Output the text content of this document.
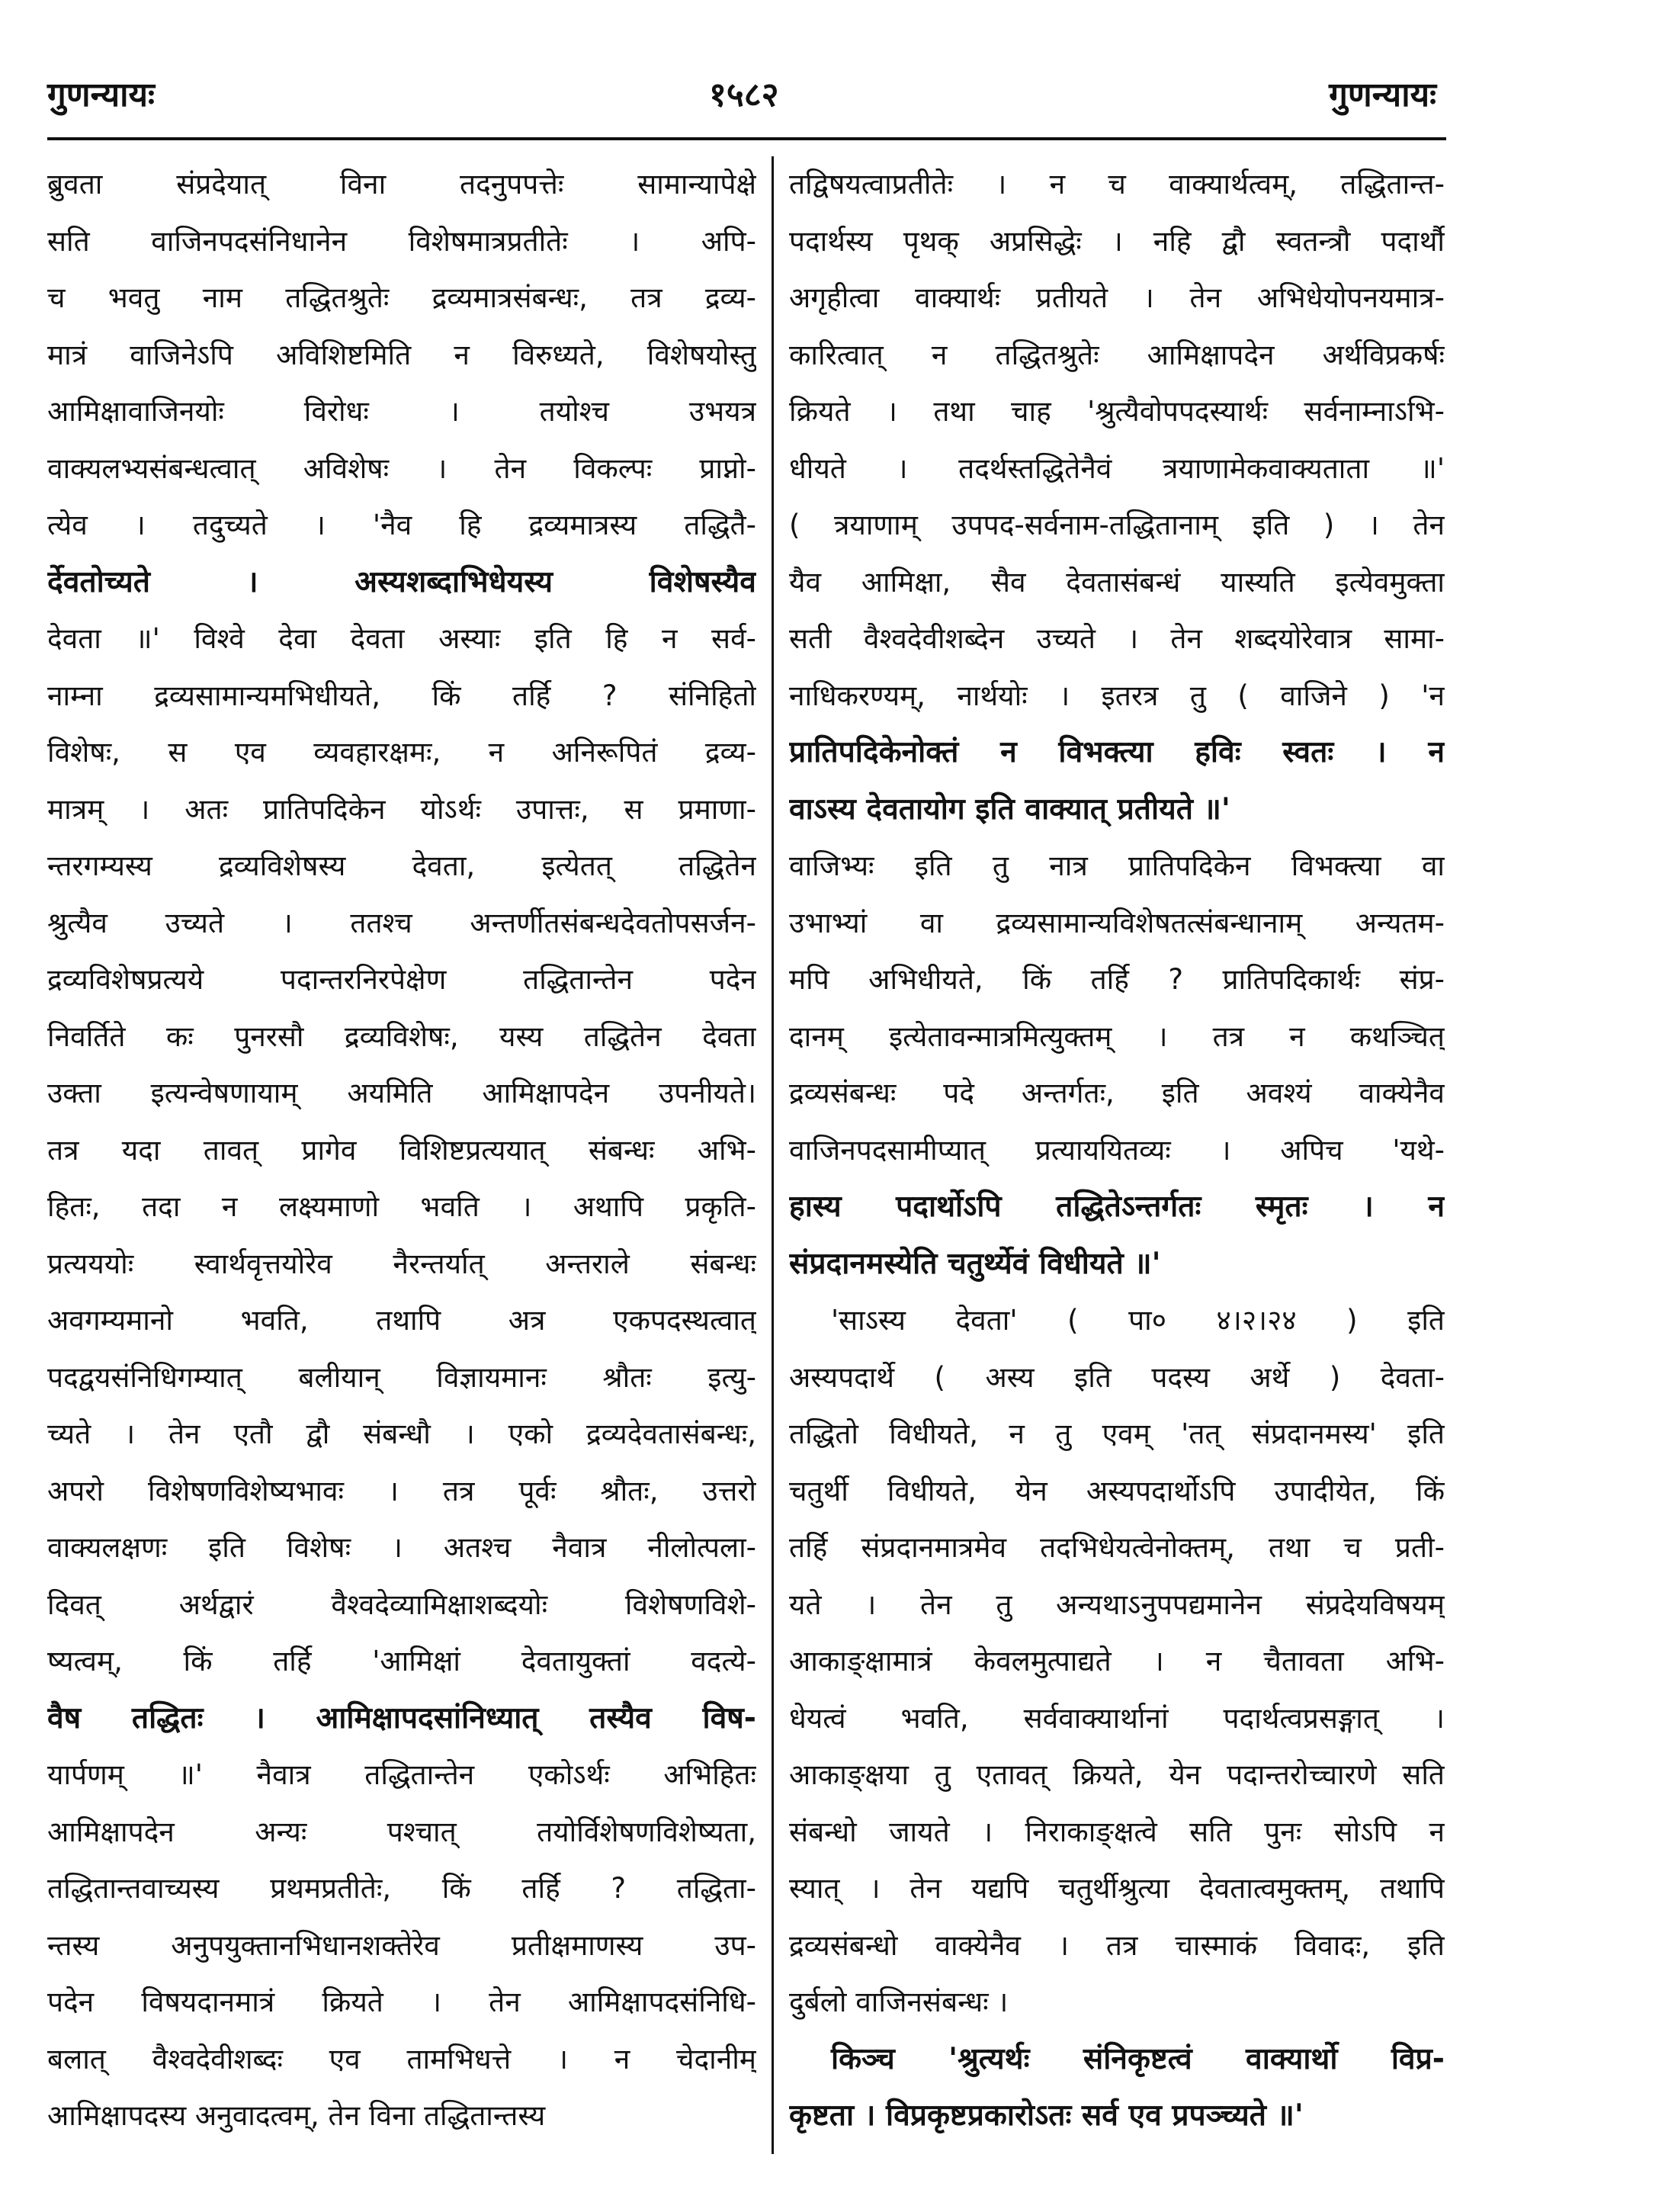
गुणन्यायः	१५८२	गुणन्यायः
ब्रुवता संप्रदेयात् विना तदनुपपत्तेः सामान्यापेक्षे
सति वाजिनपदसंनिधानेन विशेषमात्रप्रतीतेः । अपि-
च भवतु नाम तद्धितश्रुतेः द्रव्यमात्रसंबन्धः, तत्र द्रव्य-
मात्रं वाजिनेऽपि अविशिष्टमिति न विरुध्यते, विशेषयोस्तु
आमिक्षावाजिनयोः विरोधः । तयोश्च उभयत्र
वाक्यलभ्यसंबन्धत्वात् अविशेषः । तेन विकल्पः प्राप्नो-
त्येव । तदुच्यते । 'नैव हि द्रव्यमात्रस्य तद्धितै-
र्देवतोच्यते । अस्यशब्दाभिधेयस्य विशेषस्यैव
देवता ॥' विश्वे देवा देवता अस्याः इति हि न सर्व-
नाम्ना द्रव्यसामान्यमभिधीयते, किं तर्हि ? संनिहितो
विशेषः, स एव व्यवहारक्षमः, न अनिरूपितं द्रव्य-
मात्रम् । अतः प्रातिपदिकेन योऽर्थः उपात्तः, स प्रमाणा-
न्तरगम्यस्य द्रव्यविशेषस्य देवता, इत्येतत् तद्धितेन
श्रुत्यैव उच्यते । ततश्च अन्तर्णीतसंबन्धदेवतोपसर्जन-
द्रव्यविशेषप्रत्यये पदान्तरनिरपेक्षेण तद्धितान्तेन पदेन
निवर्तिते कः पुनरसौ द्रव्यविशेषः, यस्य तद्धितेन देवता
उक्ता इत्यन्वेषणायाम् अयमिति आमिक्षापदेन उपनीयते।
तत्र यदा तावत् प्रागेव विशिष्टप्रत्ययात् संबन्धः अभि-
हितः, तदा न लक्ष्यमाणो भवति । अथापि प्रकृति-
प्रत्यययोः स्वार्थवृत्तयोरेव नैरन्तर्यात् अन्तराले संबन्धः
अवगम्यमानो भवति, तथापि अत्र एकपदस्थत्वात्
पदद्वयसंनिधिगम्यात् बलीयान् विज्ञायमानः श्रौतः इत्यु-
च्यते । तेन एतौ द्वौ संबन्धौ । एको द्रव्यदेवतासंबन्धः,
अपरो विशेषणविशेष्यभावः । तत्र पूर्वः श्रौतः, उत्तरो
वाक्यलक्षणः इति विशेषः । अतश्च नैवात्र नीलोत्पला-
दिवत् अर्थद्वारं वैश्वदेव्यामिक्षाशब्दयोः विशेषणविशे-
ष्यत्वम्, किं तर्हि 'आमिक्षां देवतायुक्तां वदत्ये-
वैष तद्धितः । आमिक्षापदसांनिध्यात् तस्यैव विष-
यार्पणम् ॥' नैवात्र तद्धितान्तेन एकोऽर्थः अभिहितः
आमिक्षापदेन अन्यः पश्चात् तयोर्विशेषणविशेष्यता,
तद्धितान्तवाच्यस्य प्रथमप्रतीतेः, किं तर्हि ? तद्धिता-
न्तस्य अनुपयुक्तानभिधानशक्तेरेव प्रतीक्षमाणस्य उप-
पदेन विषयदानमात्रं क्रियते । तेन आमिक्षापदसंनिधि-
बलात् वैश्वदेवीशब्दः एव तामभिधत्ते । न चेदानीम्
आमिक्षापदस्य अनुवादत्वम्, तेन विना तद्धितान्तस्य
तद्विषयत्वाप्रतीतेः । न च वाक्यार्थत्वम्, तद्धितान्त-
पदार्थस्य पृथक् अप्रसिद्धेः । नहि द्वौ स्वतन्त्रौ पदार्थौ
अगृहीत्वा वाक्यार्थः प्रतीयते । तेन अभिधेयोपनयमात्र-
कारित्वात् न तद्धितश्रुतेः आमिक्षापदेन अर्थविप्रकर्षः
क्रियते । तथा चाह 'श्रुत्यैवोपपदस्यार्थः सर्वनाम्नाऽभि-
धीयते । तदर्थस्तद्धितेनैवं त्रयाणामेकवाक्यताता ॥'
( त्रयाणाम् उपपद-सर्वनाम-तद्धितानाम् इति ) । तेन
यैव आमिक्षा, सैव देवतासंबन्धं यास्यति इत्येवमुक्ता
सती वैश्वदेवीशब्देन उच्यते । तेन शब्दयोरेवात्र सामा-
नाधिकरण्यम्, नार्थयोः । इतरत्र तु ( वाजिने ) 'न
प्रातिपदिकेनोक्तं न विभक्त्या हविः स्वतः । न
वाऽस्य देवतायोग इति वाक्यात् प्रतीयते ॥'
वाजिभ्यः इति तु नात्र प्रातिपदिकेन विभक्त्या वा
उभाभ्यां वा द्रव्यसामान्यविशेषतत्संबन्धानाम् अन्यतम-
मपि अभिधीयते, किं तर्हि ? प्रातिपदिकार्थः संप्र-
दानम् इत्येतावन्मात्रमित्युक्तम् । तत्र न कथञ्चित्
द्रव्यसंबन्धः पदे अन्तर्गतः, इति अवश्यं वाक्येनैव
वाजिनपदसामीप्यात् प्रत्याययितव्यः । अपिच 'यथे-
हास्य पदार्थोऽपि तद्धितेऽन्तर्गतः स्मृतः । न
संप्रदानमस्येति चतुर्थ्येवं विधीयते ॥'
'साऽस्य देवता' ( पा० ४।२।२४ ) इति
अस्यपदार्थे ( अस्य इति पदस्य अर्थे ) देवता-
तद्धितो विधीयते, न तु एवम् 'तत् संप्रदानमस्य' इति
चतुर्थी विधीयते, येन अस्यपदार्थोऽपि उपादीयेत, किं
तर्हि संप्रदानमात्रमेव तदभिधेयत्वेनोक्तम्, तथा च प्रती-
यते । तेन तु अन्यथाऽनुपपद्यमानेन संप्रदेयविषयम्
आकाङ्क्षामात्रं केवलमुत्पाद्यते । न चैतावता अभि-
धेयत्वं भवति, सर्ववाक्यार्थानां पदार्थत्वप्रसङ्गात् ।
आकाङ्क्षया तु एतावत् क्रियते, येन पदान्तरोच्चारणे सति
संबन्धो जायते । निराकाङ्क्षत्वे सति पुनः सोऽपि न
स्यात् । तेन यद्यपि चतुर्थीश्रुत्या देवतात्वमुक्तम्, तथापि
द्रव्यसंबन्धो वाक्येनैव । तत्र चास्माकं विवादः, इति
दुर्बलो वाजिनसंबन्धः ।
किञ्च 'श्रुत्यर्थः संनिकृष्टत्वं वाक्यार्थो विप्र-
कृष्टता । विप्रकृष्टप्रकारोऽतः सर्व एव प्रपञ्च्यते ॥'
